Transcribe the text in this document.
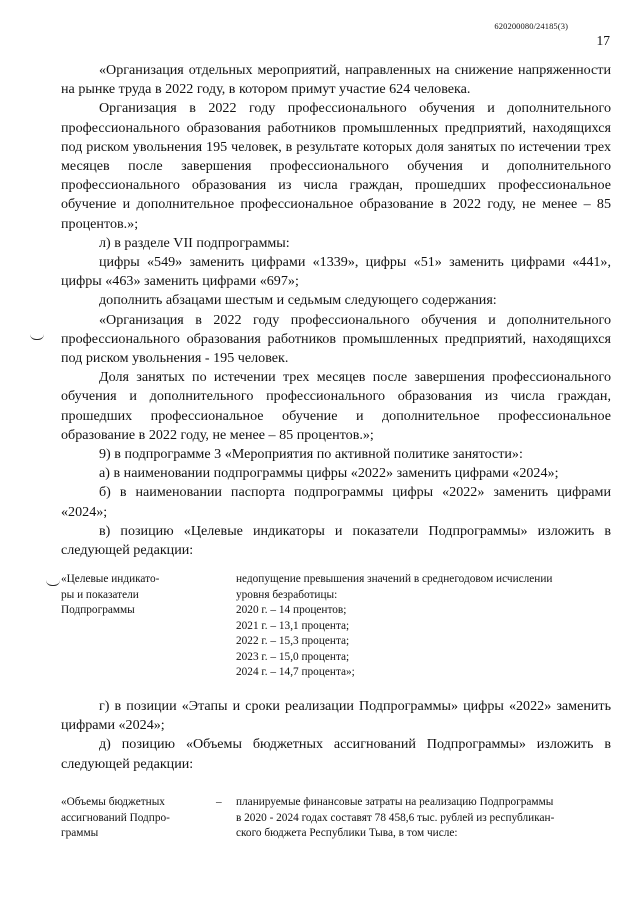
620200080/24185(3)
17

«Организация отдельных мероприятий, направленных на снижение напряженности на рынке труда в 2022 году, в котором примут участие 624 человека.

Организация в 2022 году профессионального обучения и дополнительного профессионального образования работников промышленных предприятий, находящихся под риском увольнения 195 человек, в результате которых доля занятых по истечении трех месяцев после завершения профессионального обучения и дополнительного профессионального образования из числа граждан, прошедших профессиональное обучение и дополнительное профессиональное образование в 2022 году, не менее – 85 процентов.»;

л) в разделе VII подпрограммы:

цифры «549» заменить цифрами «1339», цифры «51» заменить цифрами «441», цифры «463» заменить цифрами «697»;

дополнить абзацами шестым и седьмым следующего содержания:

«Организация в 2022 году профессионального обучения и дополнительного профессионального образования работников промышленных предприятий, находящихся под риском увольнения - 195 человек.

Доля занятых по истечении трех месяцев после завершения профессионального обучения и дополнительного профессионального образования из числа граждан, прошедших профессиональное обучение и дополнительное профессиональное образование в 2022 году, не менее – 85 процентов.»;

9) в подпрограмме 3 «Мероприятия по активной политике занятости»:

а) в наименовании подпрограммы цифры «2022» заменить цифрами «2024»;

б) в наименовании паспорта подпрограммы цифры «2022» заменить цифрами «2024»;

в) позицию «Целевые индикаторы и показатели Подпрограммы» изложить в следующей редакции:

«Целевые индикато-
ры и показатели
Подпрограммы
недопущение превышения значений в среднегодовом исчислении
уровня безработицы:
2020 г. – 14 процентов;
2021 г. – 13,1 процента;
2022 г. – 15,3 процента;
2023 г. – 15,0 процента;
2024 г. – 14,7 процента»;

г) в позиции «Этапы и сроки реализации Подпрограммы» цифры «2022» заменить цифрами «2024»;

д) позицию «Объемы бюджетных ассигнований Подпрограммы» изложить в следующей редакции:

«Объемы бюджетных
ассигнований Подпро-
граммы
–	планируемые финансовые затраты на реализацию Подпрограммы
в 2020 - 2024 годах составят 78 458,6 тыс. рублей из республикан-
ского бюджета Республики Тыва, в том числе:
